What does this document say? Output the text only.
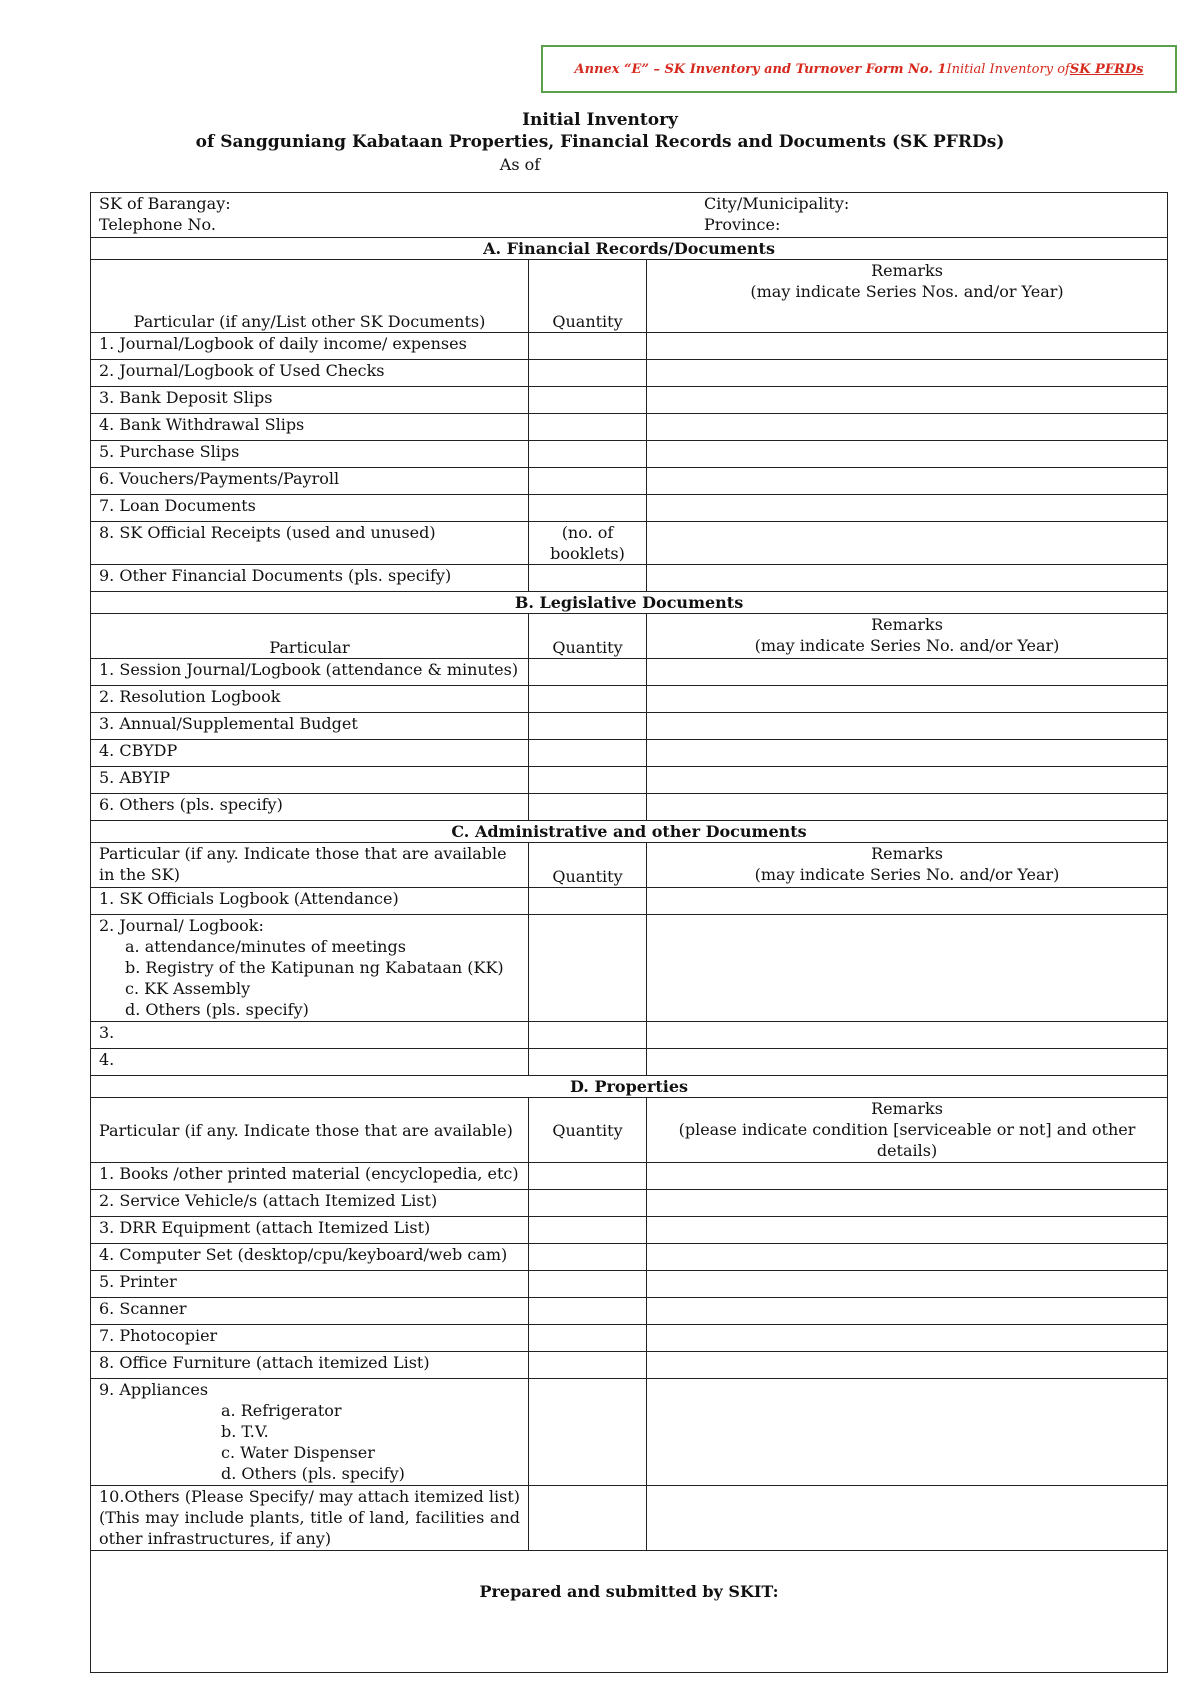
Annex “E” – SK Inventory and Turnover Form No. 1 Initial Inventory of SK PFRDs
Initial Inventory
of Sangguniang Kabataan Properties, Financial Records and Documents (SK PFRDs)
As of
SK of Barangay: City/Municipality:
Telephone No. Province:		
A. Financial Records/Documents		
Particular (if any/List other SK Documents)	Quantity	Remarks
(may indicate Series Nos. and/or Year)
1. Journal/Logbook of daily income/ expenses		
2. Journal/Logbook of Used Checks		
3. Bank Deposit Slips		
4. Bank Withdrawal Slips		
5. Purchase Slips		
6. Vouchers/Payments/Payroll		
7. Loan Documents		
8. SK Official Receipts (used and unused)	(no. of booklets)	
9. Other Financial Documents (pls. specify)		
B. Legislative Documents		
Particular	Quantity	Remarks
(may indicate Series No. and/or Year)
1. Session Journal/Logbook (attendance & minutes)		
2. Resolution Logbook		
3. Annual/Supplemental Budget		
4. CBYDP		
5. ABYIP		
6. Others (pls. specify)		
C. Administrative and other Documents		
Particular (if any. Indicate those that are available in the SK)	Quantity	Remarks
(may indicate Series No. and/or Year)
1. SK Officials Logbook (Attendance)		

2. Journal/ Logbook:
a. attendance/minutes of meetings
b. Registry of the Katipunan ng Kabataan (KK)
c. KK Assembly
d. Others (pls. specify)		

3.		
4.		
D. Properties		
Particular (if any. Indicate those that are available)	Quantity	Remarks
(please indicate condition [serviceable or not] and other details)
1. Books /other printed material (encyclopedia, etc)		
2. Service Vehicle/s (attach Itemized List)		
3. DRR Equipment (attach Itemized List)		
4. Computer Set (desktop/cpu/keyboard/web cam)		
5. Printer		
6. Scanner		
7. Photocopier		
8. Office Furniture (attach itemized List)		

9. Appliances
a. Refrigerator
b. T.V.
c. Water Dispenser
d. Others (pls. specify)		

10.Others (Please Specify/ may attach itemized list) (This may include plants, title of land, facilities and other infrastructures, if any)		
Prepared and submitted by SKIT:		
